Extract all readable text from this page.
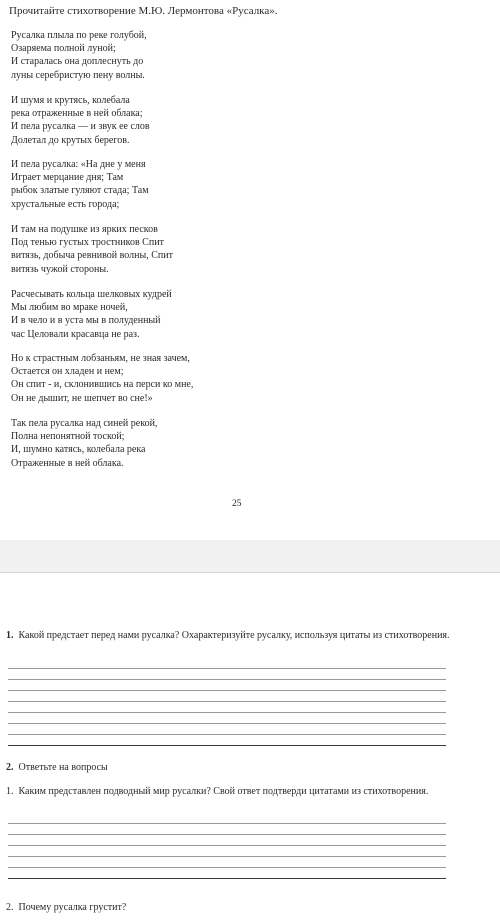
Прочитайте стихотворение М.Ю. Лермонтова «Русалка».
Русалка плыла по реке голубой,
Озаряема полной луной;
И старалась она доплеснуть до
луны серебристую пену волны.
И шумя и крутясь, колебала
река отраженные в ней облака;
И пела русалка — и звук ее слов
Долетал до крутых берегов.
И пела русалка: «На дне у меня
Играет мерцание дня; Там
рыбок златые гуляют стада; Там
хрустальные есть города;
И там на подушке из ярких песков
Под тенью густых тростников Спит
витязь, добыча ревнивой волны, Спит
витязь чужой стороны.
Расчесывать кольца шелковых кудрей
Мы любим во мраке ночей,
И в чело и в уста мы в полуденный
час Целовали красавца не раз.
Но к страстным лобзаньям, не зная зачем,
Остается он хладен и нем;
Он спит - и, склонившись на перси ко мне,
Он не дышит, не шепчет во сне!»
Так пела русалка над синей рекой,
Полна непонятной тоской;
И, шумно катясь, колебала река
Отраженные в ней облака.
25
1. Какой предстает перед нами русалка? Охарактеризуйте русалку, используя цитаты из стихотворения.
2. Ответьте на вопросы
1. Каким представлен подводный мир русалки? Свой ответ подтверди цитатами из стихотворения.
2. Почему русалка грустит?
